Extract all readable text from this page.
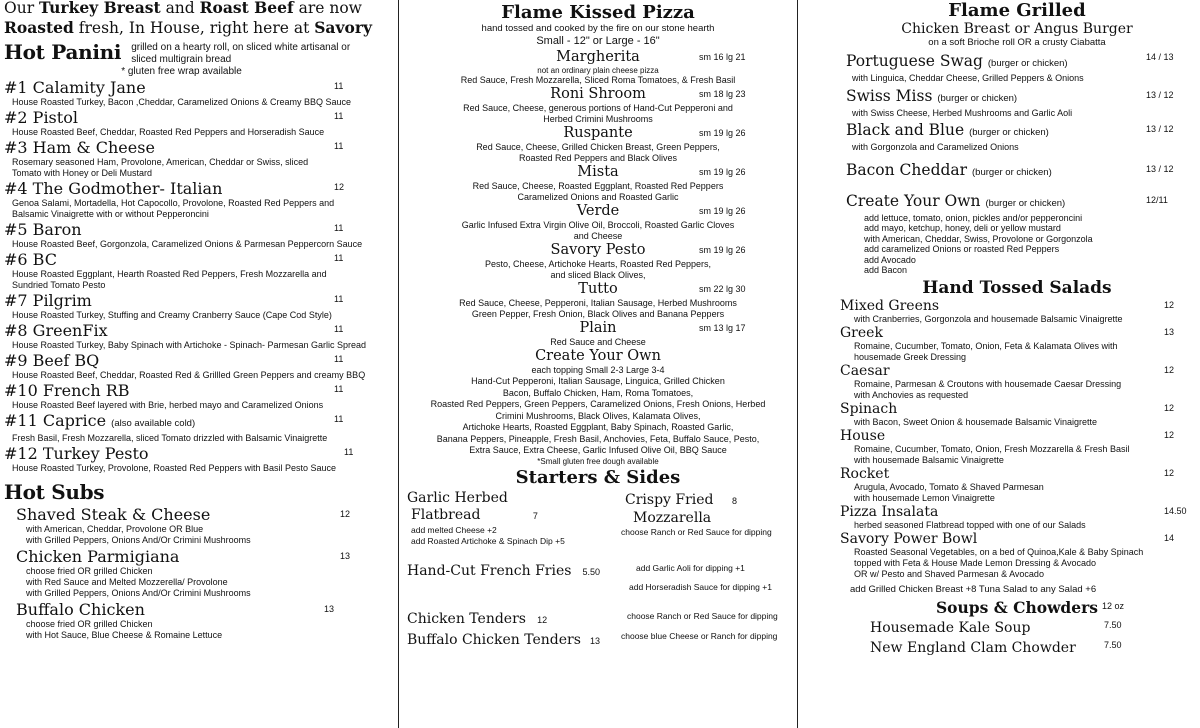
Our Turkey Breast and Roast Beef are now
Roasted fresh, In House, right here at Savory
Hot Panini grilled on a hearty roll, on sliced white artisanal or
sliced multigrain bread
* gluten free wrap available
#1 Calamity Jane	11
House Roasted Turkey, Bacon ,Cheddar, Caramelized Onions & Creamy BBQ Sauce
#2 Pistol	11
House Roasted Beef, Cheddar, Roasted Red Peppers and Horseradish Sauce
#3 Ham & Cheese	11
Rosemary seasoned Ham, Provolone, American, Cheddar or Swiss, sliced Tomato with Honey or Deli Mustard
#4 The Godmother- Italian	12
Genoa Salami, Mortadella, Hot Capocollo, Provolone, Roasted Red Peppers and Balsamic Vinaigrette with or without Pepperoncini
#5 Baron	11
House Roasted Beef, Gorgonzola, Caramelized Onions & Parmesan Peppercorn Sauce
#6 BC	11
House Roasted Eggplant, Hearth Roasted Red Peppers, Fresh Mozzarella and Sundried Tomato Pesto
#7 Pilgrim	11
House Roasted Turkey, Stuffing and Creamy Cranberry Sauce (Cape Cod Style)
#8 GreenFix	11
House Roasted Turkey, Baby Spinach with Artichoke - Spinach- Parmesan Garlic Spread
#9 Beef BQ	11
House Roasted Beef, Cheddar, Roasted Red & Grillled Green Peppers and creamy BBQ
#10 French RB	11
House Roasted Beef layered with Brie, herbed mayo and Caramelized Onions
#11 Caprice (also available cold)	11
Fresh Basil, Fresh Mozzarella, sliced Tomato drizzled with Balsamic Vinaigrette
#12 Turkey Pesto	11
House Roasted Turkey, Provolone, Roasted Red Peppers with Basil Pesto Sauce
Hot Subs
Shaved Steak & Cheese	12
with American, Cheddar, Provolone OR Blue
with Grilled Peppers, Onions And/Or Crimini Mushrooms
Chicken Parmigiana	13
choose fried OR grilled Chicken
with Red Sauce and Melted Mozzerella/ Provolone
with Grilled Peppers, Onions And/Or Crimini Mushrooms
Buffalo Chicken	13
choose fried OR grilled Chicken
with Hot Sauce, Blue Cheese & Romaine Lettuce
Flame Kissed Pizza
hand tossed and cooked by the fire on our stone hearth
Small - 12" or Large - 16"
Margherita	sm 16 lg 21
not an ordinary plain cheese pizza
Red Sauce, Fresh Mozzarella, Sliced Roma Tomatoes, & Fresh Basil
Roni Shroom	sm 18 lg 23
Red Sauce, Cheese, generous portions of Hand-Cut Pepperoni and
Herbed Crimini Mushrooms
Ruspante	sm 19 lg 26
Red Sauce, Cheese, Grilled Chicken Breast, Green Peppers,
Roasted Red Peppers and Black Olives
Mista	sm 19 lg 26
Red Sauce, Cheese, Roasted Eggplant, Roasted Red Peppers
Caramelized Onions and Roasted Garlic
Verde	sm 19 lg 26
Garlic Infused Extra Virgin Olive Oil, Broccoli, Roasted Garlic Cloves
and Cheese
Savory Pesto	sm 19 lg 26
Pesto, Cheese, Artichoke Hearts, Roasted Red Peppers,
and sliced Black Olives,
Tutto	sm 22 lg 30
Red Sauce, Cheese, Pepperoni, Italian Sausage, Herbed Mushrooms
Green Pepper, Fresh Onion, Black Olives and Banana Peppers
Plain	sm 13 lg 17
Red Sauce and Cheese
Create Your Own
each topping Small 2-3 Large 3-4
Hand-Cut Pepperoni, Italian Sausage, Linguica, Grilled Chicken
Bacon, Buffalo Chicken, Ham, Roma Tomatoes,
Roasted Red Peppers, Green Peppers, Caramelized Onions, Fresh Onions, Herbed
Crimini Mushrooms, Black Olives, Kalamata Olives,
Artichoke Hearts, Roasted Eggplant, Baby Spinach, Roasted Garlic,
Banana Peppers, Pineapple, Fresh Basil, Anchovies, Feta, Buffalo Sauce, Pesto,
Extra Sauce, Extra Cheese, Garlic Infused Olive Oil, BBQ Sauce
*Small gluten free dough available
Starters & Sides
Garlic Herbed
Flatbread	7
add melted Cheese +2
add Roasted Artichoke & Spinach Dip +5
Crispy Fried 8
Mozzarella
choose Ranch or Red Sauce for dipping
Hand-Cut French Fries 5.50	add Garlic Aoli for dipping +1
add Horseradish Sauce for dipping +1
Chicken Tenders 12	choose Ranch or Red Sauce for dipping
Buffalo Chicken Tenders 13 choose blue Cheese or Ranch for dipping
Flame Grilled
Chicken Breast or Angus Burger
on a soft Brioche roll OR a crusty Ciabatta
Portuguese Swag (burger or chicken)
14 / 13
with Linguica, Cheddar Cheese, Grilled Peppers & Onions
Swiss Miss (burger or chicken)	13 / 12
with Swiss Cheese, Herbed Mushrooms and Garlic Aoli
Black and Blue (burger or chicken)	13 / 12
with Gorgonzola and Caramelized Onions
Bacon Cheddar (burger or chicken)	13 / 12
Create Your Own (burger or chicken)	12/11
add lettuce, tomato, onion, pickles and/or pepperoncini
add mayo, ketchup, honey, deli or yellow mustard
with American, Cheddar, Swiss, Provolone or Gorgonzola
add caramelized Onions or roasted Red Peppers
add Avocado
add Bacon
Hand Tossed Salads
Mixed Greens	12
with Cranberries, Gorgonzola and housemade Balsamic Vinaigrette
Greek	13
Romaine, Cucumber, Tomato, Onion, Feta & Kalamata Olives with
housemade Greek Dressing
Caesar	12
Romaine, Parmesan & Croutons with housemade Caesar Dressing
with Anchovies as requested
Spinach	12
with Bacon, Sweet Onion & housemade Balsamic Vinaigrette
House	12
Romaine, Cucumber, Tomato, Onion, Fresh Mozzarella & Fresh Basil
with housemade Balsamic Vinaigrette
Rocket	12
Arugula, Avocado, Tomato & Shaved Parmesan
with housemade Lemon Vinaigrette
Pizza Insalata	14.50
herbed seasoned Flatbread topped with one of our Salads
Savory Power Bowl	14
Roasted Seasonal Vegetables, on a bed of Quinoa,Kale & Baby Spinach
topped with Feta & House Made Lemon Dressing & Avocado
OR w/ Pesto and Shaved Parmesan & Avocado
add Grilled Chicken Breast +8 Tuna Salad to any Salad +6
Soups & Chowders 12 oz
Housemade Kale Soup	7.50
New England Clam Chowder	7.50
